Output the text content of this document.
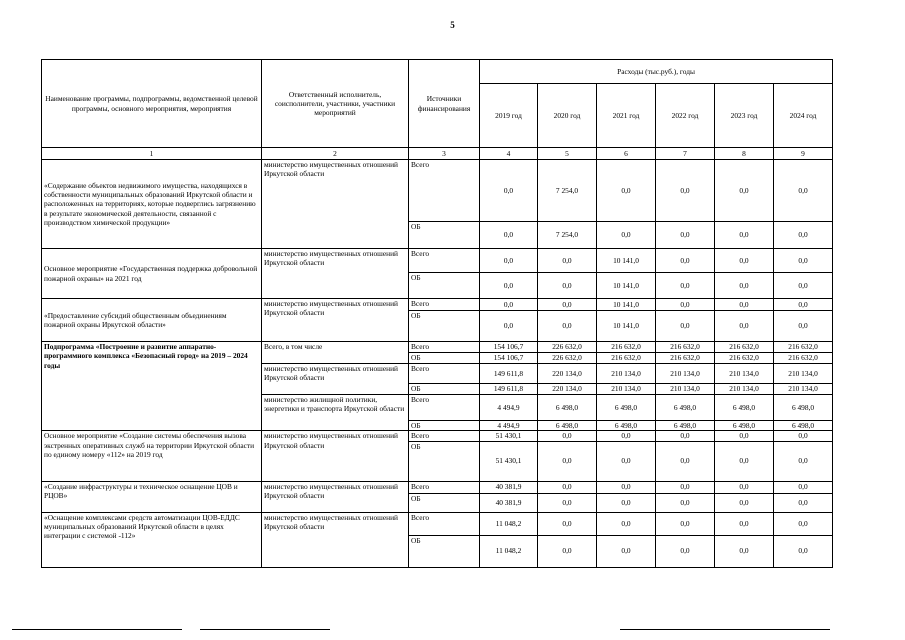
5
Наименование программы, подпрограммы, ведомственной целевой программы, основного мероприятия, мероприятия	Ответственный исполнитель, соисполнители, участники, участники мероприятий	Источники финансирования	Расходы (тыс.руб.), годы					
			2019 год	2020 год	2021 год	2022 год	2023 год	2024 год
1	2	3	4	5	6	7	8	9
«Содержание объектов недвижимого имущества, находящихся в собственности муниципальных образований Иркутской области и расположенных на территориях, которые подверглись загрязнению в результате экономической деятельности, связанной с производством химической продукции»	министерство имущественных отношений Иркутской области	Всего	0,0	7 254,0	0,0	0,0	0,0	0,0
		ОБ	0,0	7 254,0	0,0	0,0	0,0	0,0
Основное мероприятие «Государственная поддержка добровольной пожарной охраны» на 2021 год	министерство имущественных отношений Иркутской области	Всего	0,0	0,0	10 141,0	0,0	0,0	0,0
		ОБ	0,0	0,0	10 141,0	0,0	0,0	0,0
«Предоставление субсидий общественным объединениям пожарной охраны Иркутской области»	министерство имущественных отношений Иркутской области	Всего	0,0	0,0	10 141,0	0,0	0,0	0,0
		ОБ	0,0	0,0	10 141,0	0,0	0,0	0,0
Подпрограмма «Построение и развитие аппаратно-программного комплекса «Безопасный город» на 2019 – 2024 годы	Всего, в том числе	Всего	154 106,7	226 632,0	216 632,0	216 632,0	216 632,0	216 632,0
		ОБ	154 106,7	226 632,0	216 632,0	216 632,0	216 632,0	216 632,0
	министерство имущественных отношений Иркутской области	Всего	149 611,8	220 134,0	210 134,0	210 134,0	210 134,0	210 134,0
		ОБ	149 611,8	220 134,0	210 134,0	210 134,0	210 134,0	210 134,0
	министерство жилищной политики, энергетики и транспорта Иркутской области	Всего	4 494,9	6 498,0	6 498,0	6 498,0	6 498,0	6 498,0
		ОБ	4 494,9	6 498,0	6 498,0	6 498,0	6 498,0	6 498,0
Основное мероприятие «Создание системы обеспечения вызова экстренных оперативных служб на территории Иркутской области по единому номеру «112» на 2019 год	министерство имущественных отношений Иркутской области	Всего	51 430,1	0,0	0,0	0,0	0,0	0,0
		ОБ	51 430,1	0,0	0,0	0,0	0,0	0,0
«Создание инфраструктуры и техническое оснащение ЦОВ и РЦОВ»	министерство имущественных отношений Иркутской области	Всего	40 381,9	0,0	0,0	0,0	0,0	0,0
		ОБ	40 381,9	0,0	0,0	0,0	0,0	0,0
«Оснащение комплексами средств автоматизации ЦОВ-ЕДДС муниципальных образований Иркутской области в целях интеграции с системой -112»	министерство имущественных отношений Иркутской области	Всего	11 048,2	0,0	0,0	0,0	0,0	0,0
		ОБ	11 048,2	0,0	0,0	0,0	0,0	0,0
